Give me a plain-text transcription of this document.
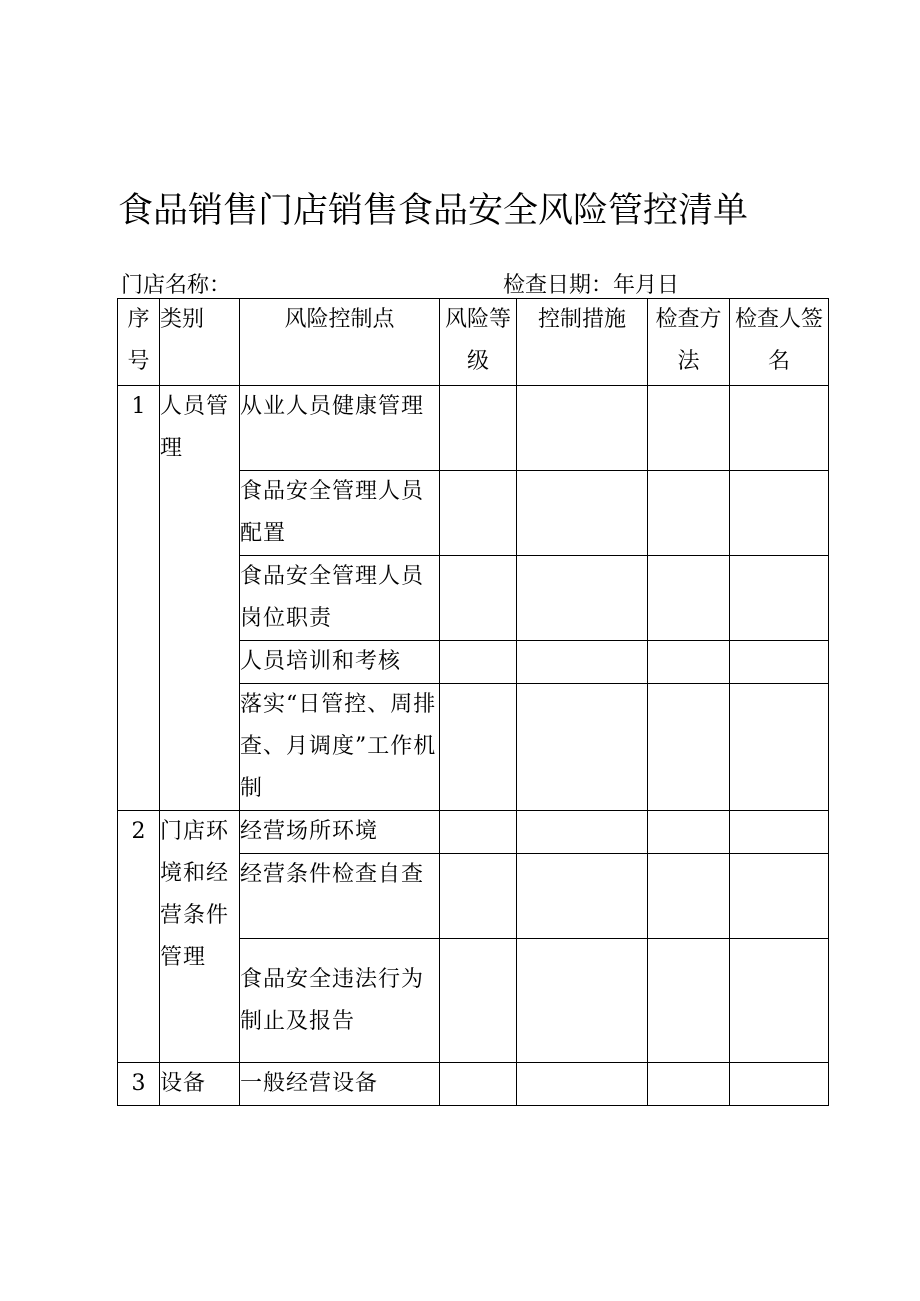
食品销售门店销售食品安全风险管控清单
门店名称：	检查日期：年月日
序号	类别	风险控制点	风险等级	控制措施	检查方法	检查人签名
1	人员管理	从业人员健康管理				
		食品安全管理人员配置				
		食品安全管理人员岗位职责				
		人员培训和考核				
		落实“日管控、周排查、月调度”工作机制				
2	门店环境和经营条件管理	经营场所环境				
		经营条件检查自查				
		食品安全违法行为制止及报告				
3	设备	一般经营设备				
